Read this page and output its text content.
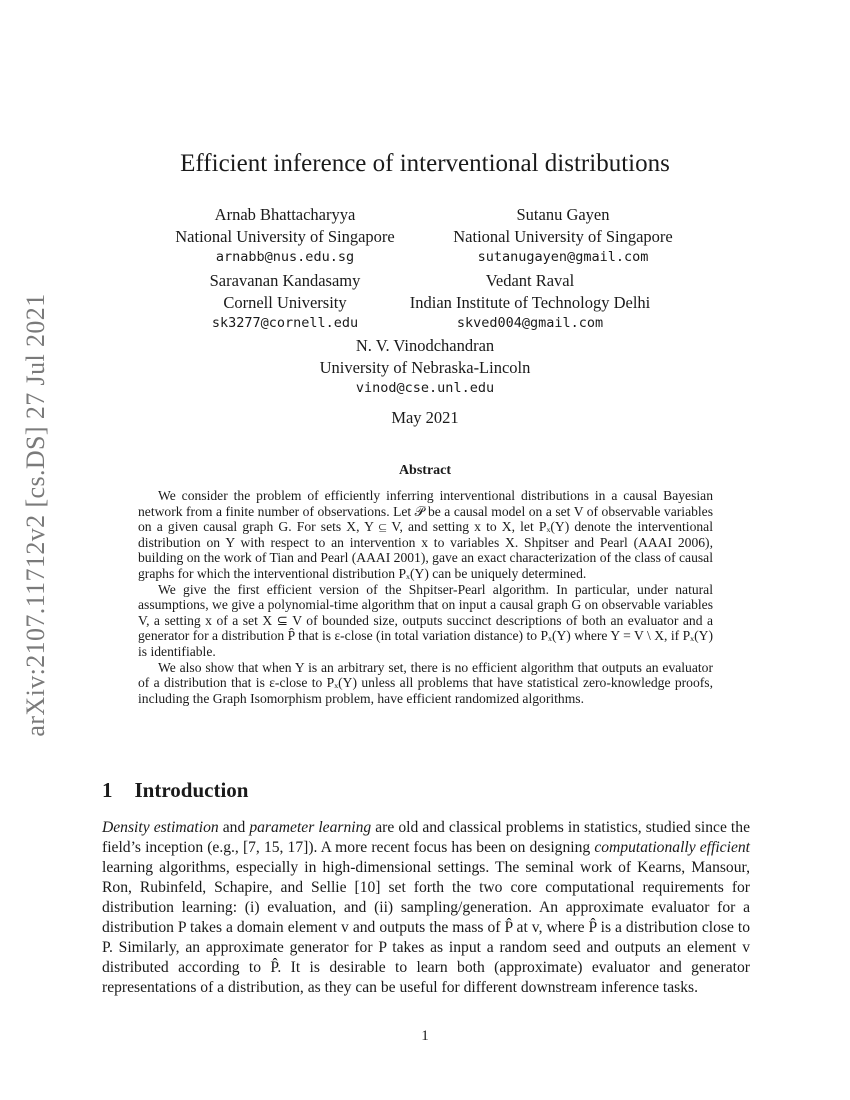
arXiv:2107.11712v2 [cs.DS] 27 Jul 2021
Efficient inference of interventional distributions
Arnab Bhattacharyya
National University of Singapore
arnabb@nus.edu.sg
Sutanu Gayen
National University of Singapore
sutanugayen@gmail.com
Saravanan Kandasamy
Cornell University
sk3277@cornell.edu
Vedant Raval
Indian Institute of Technology Delhi
skved004@gmail.com
N. V. Vinodchandran
University of Nebraska-Lincoln
vinod@cse.unl.edu
May 2021
Abstract

We consider the problem of efficiently inferring interventional distributions in a causal Bayesian network from a finite number of observations. Let 𝒫 be a causal model on a set V of observable variables on a given causal graph G. For sets X, Y ⊆ V, and setting x to X, let Pₓ(Y) denote the interventional distribution on Y with respect to an intervention x to variables X. Shpitser and Pearl (AAAI 2006), building on the work of Tian and Pearl (AAAI 2001), gave an exact characterization of the class of causal graphs for which the interventional distribution Pₓ(Y) can be uniquely determined.

We give the first efficient version of the Shpitser-Pearl algorithm. In particular, under natural assumptions, we give a polynomial-time algorithm that on input a causal graph G on observable variables V, a setting x of a set X ⊆ V of bounded size, outputs succinct descriptions of both an evaluator and a generator for a distribution P̂ that is ε-close (in total variation distance) to Pₓ(Y) where Y = V \ X, if Pₓ(Y) is identifiable.

We also show that when Y is an arbitrary set, there is no efficient algorithm that outputs an evaluator of a distribution that is ε-close to Pₓ(Y) unless all problems that have statistical zero-knowledge proofs, including the Graph Isomorphism problem, have efficient randomized algorithms.

1 Introduction

Density estimation and parameter learning are old and classical problems in statistics, studied since the field’s inception (e.g., [7, 15, 17]). A more recent focus has been on designing computationally efficient learning algorithms, especially in high-dimensional settings. The seminal work of Kearns, Mansour, Ron, Rubinfeld, Schapire, and Sellie [10] set forth the two core computational requirements for distribution learning: (i) evaluation, and (ii) sampling/generation. An approximate evaluator for a distribution P takes a domain element v and outputs the mass of P̂ at v, where P̂ is a distribution close to P. Similarly, an approximate generator for P takes as input a random seed and outputs an element v distributed according to P̂. It is desirable to learn both (approximate) evaluator and generator representations of a distribution, as they can be useful for different downstream inference tasks.

1
